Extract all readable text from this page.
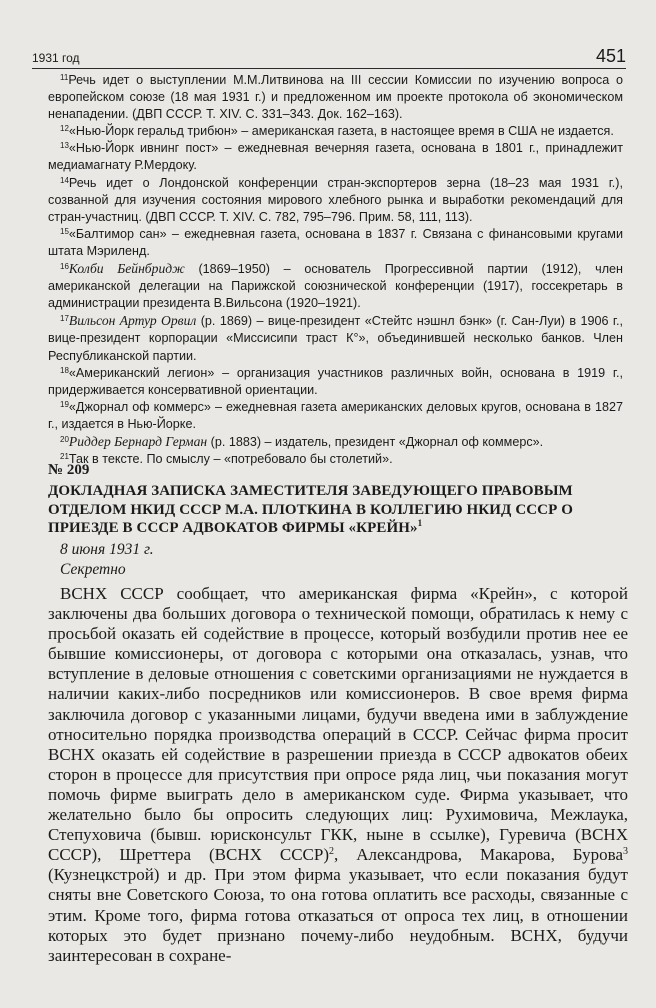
1931 год	451

$^{11}$Речь идет о выступлении М.М.Литвинова на III сессии Комиссии по изучению вопроса о европейском союзе (18 мая 1931 г.) и предложенном им проекте протокола об экономическом ненападении. (ДВП СССР. Т. XIV. С. 331–343. Док. 162–163).

$^{12}$«Нью-Йорк геральд трибюн» – американская газета, в настоящее время в США не издается.

$^{13}$«Нью-Йорк ивнинг пост» – ежедневная вечерняя газета, основана в 1801 г., принадлежит медиамагнату Р.Мердоку.

$^{14}$Речь идет о Лондонской конференции стран-экспортеров зерна (18–23 мая 1931 г.), созванной для изучения состояния мирового хлебного рынка и выработки рекомендаций для стран-участниц. (ДВП СССР. Т. XIV. С. 782, 795–796. Прим. 58, 111, 113).

$^{15}$«Балтимор сан» – ежедневная газета, основана в 1837 г. Связана с финансовыми кругами штата Мэриленд.

$^{16}$Колби Бейнбридж (1869–1950) – основатель Прогрессивной партии (1912), член американской делегации на Парижской союзнической конференции (1917), госсекретарь в администрации президента В.Вильсона (1920–1921).

$^{17}$Вильсон Артур Орвил (р. 1869) – вице-президент «Стейтс нэшнл бэнк» (г. Сан-Луи) в 1906 г., вице-президент корпорации «Миссисипи траст К°», объединившей несколько банков. Член Республиканской партии.

$^{18}$«Американский легион» – организация участников различных войн, основана в 1919 г., придерживается консервативной ориентации.

$^{19}$«Джорнал оф коммерс» – ежедневная газета американских деловых кругов, основана в 1827 г., издается в Нью-Йорке.

$^{20}$Риддер Бернард Герман (р. 1883) – издатель, президент «Джорнал оф коммерс».

$^{21}$Так в тексте. По смыслу – «потребовало бы столетий».

№ 209

ДОКЛАДНАЯ ЗАПИСКА ЗАМЕСТИТЕЛЯ ЗАВЕДУЮЩЕГО ПРАВОВЫМ ОТДЕЛОМ НКИД СССР М.А. ПЛОТКИНА В КОЛЛЕГИЮ НКИД СССР О ПРИЕЗДЕ В СССР АДВОКАТОВ ФИРМЫ «КРЕЙН»$^1$

8 июня 1931 г.
Секретно

ВСНХ СССР сообщает, что американская фирма «Крейн», с которой заключены два больших договора о технической помощи, обратилась к нему с просьбой оказать ей содействие в процессе, который возбудили против нее ее бывшие комиссионеры, от договора с которыми она отказалась, узнав, что вступление в деловые отношения с советскими организациями не нуждается в наличии каких-либо посредников или комиссионеров. В свое время фирма заключила договор с указанными лицами, будучи введена ими в заблуждение относительно порядка производства операций в СССР. Сейчас фирма просит ВСНХ оказать ей содействие в разрешении приезда в СССР адвокатов обеих сторон в процессе для присутствия при опросе ряда лиц, чьи показания могут помочь фирме выиграть дело в американском суде. Фирма указывает, что желательно было бы опросить следующих лиц: Рухимовича, Межлаука, Степуховича (бывш. юрисконсульт ГКК, ныне в ссылке), Гуревича (ВСНХ СССР), Шреттера (ВСНХ СССР)$^2$, Александрова, Макарова, Бурова$^3$ (Кузнецкстрой) и др. При этом фирма указывает, что если показания будут сняты вне Советского Союза, то она готова оплатить все расходы, связанные с этим. Кроме того, фирма готова отказаться от опроса тех лиц, в отношении которых это будет признано почему-либо неудобным. ВСНХ, будучи заинтересован в сохране-
